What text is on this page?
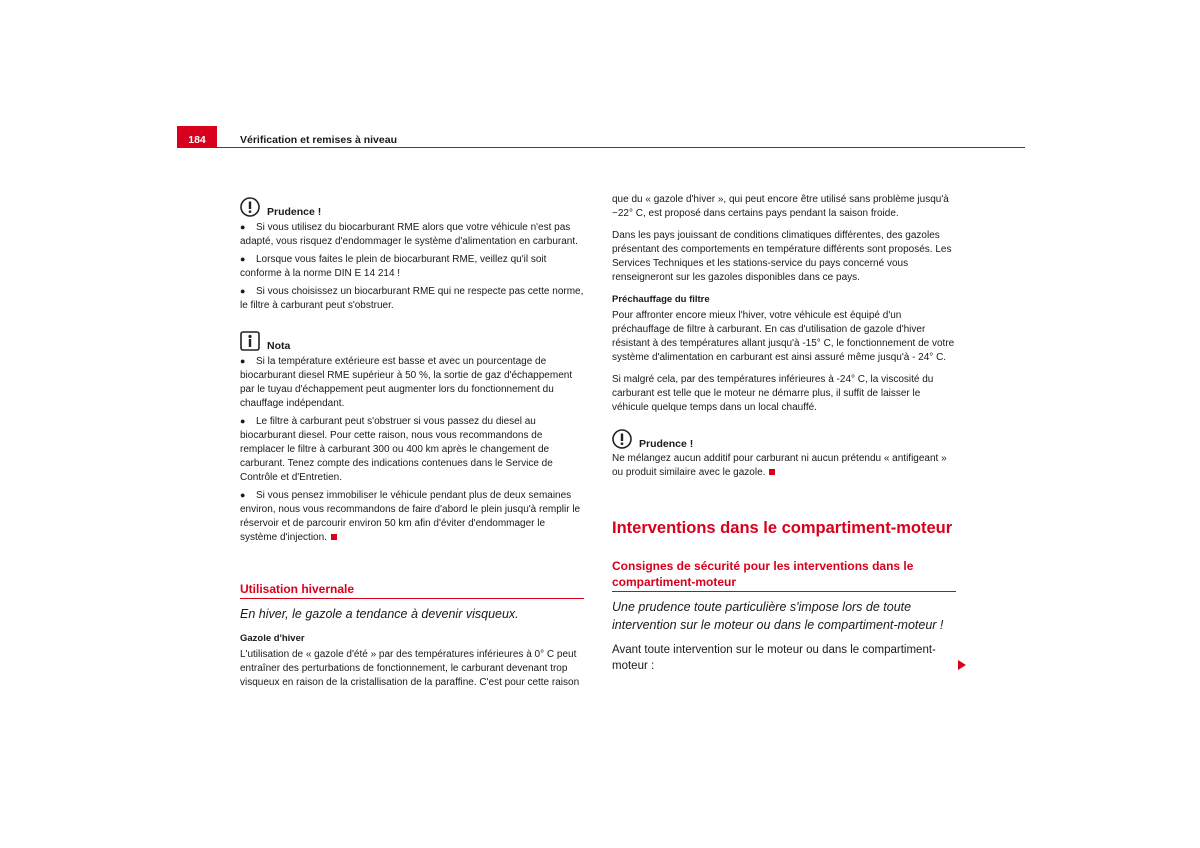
184	Vérification et remises à niveau
Prudence !

● Si vous utilisez du biocarburant RME alors que votre véhicule n'est pas adapté, vous risquez d'endommager le système d'alimentation en carburant.

● Lorsque vous faites le plein de biocarburant RME, veillez qu'il soit conforme à la norme DIN E 14 214 !

● Si vous choisissez un biocarburant RME qui ne respecte pas cette norme, le filtre à carburant peut s'obstruer.

Nota

● Si la température extérieure est basse et avec un pourcentage de biocarburant diesel RME supérieur à 50 %, la sortie de gaz d'échappement par le tuyau d'échappement peut augmenter lors du fonctionnement du chauffage indépendant.

● Le filtre à carburant peut s'obstruer si vous passez du diesel au biocarburant diesel. Pour cette raison, nous vous recommandons de remplacer le filtre à carburant 300 ou 400 km après le changement de carburant. Tenez compte des indications contenues dans le Service de Contrôle et d'Entretien.

● Si vous pensez immobiliser le véhicule pendant plus de deux semaines environ, nous vous recommandons de faire d'abord le plein jusqu'à remplir le réservoir et de parcourir environ 50 km afin d'éviter d'endommager le système d'injection.

Utilisation hivernale

En hiver, le gazole a tendance à devenir visqueux.

Gazole d'hiver

L'utilisation de « gazole d'été » par des températures inférieures à 0° C peut entraîner des perturbations de fonctionnement, le carburant devenant trop visqueux en raison de la cristallisation de la paraffine. C'est pour cette raison

que du « gazole d'hiver », qui peut encore être utilisé sans problème jusqu'à −22° C, est proposé dans certains pays pendant la saison froide.

Dans les pays jouissant de conditions climatiques différentes, des gazoles présentant des comportements en température différents sont proposés. Les Services Techniques et les stations-service du pays concerné vous renseigneront sur les gazoles disponibles dans ce pays.

Préchauffage du filtre

Pour affronter encore mieux l'hiver, votre véhicule est équipé d'un préchauffage de filtre à carburant. En cas d'utilisation de gazole d'hiver résistant à des températures allant jusqu'à -15° C, le fonctionnement de votre système d'alimentation en carburant est ainsi assuré même jusqu'à - 24° C.

Si malgré cela, par des températures inférieures à -24° C, la viscosité du carburant est telle que le moteur ne démarre plus, il suffit de laisser le véhicule quelque temps dans un local chauffé.

Prudence !

Ne mélangez aucun additif pour carburant ni aucun prétendu « antifigeant » ou produit similaire avec le gazole.

Interventions dans le compartiment-moteur
Consignes de sécurité pour les interventions dans le compartiment-moteur

Une prudence toute particulière s'impose lors de toute intervention sur le moteur ou dans le compartiment-moteur !

Avant toute intervention sur le moteur ou dans le compartiment-moteur :
